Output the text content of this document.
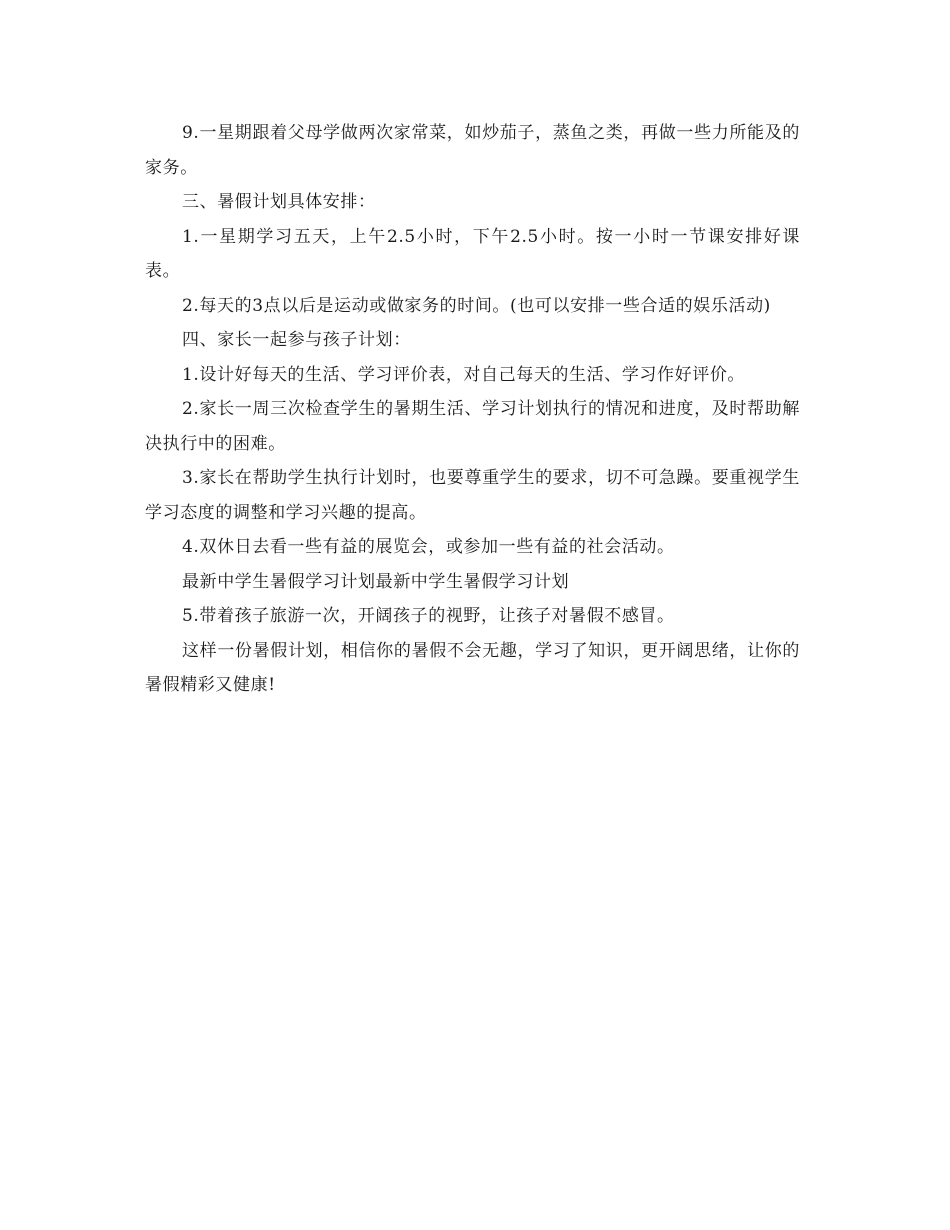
9.一星期跟着父母学做两次家常菜，如炒茄子，蒸鱼之类，再做一些力所能及的家务。

三、暑假计划具体安排：

1.一星期学习五天，上午2.5小时，下午2.5小时。按一小时一节课安排好课表。

2.每天的3点以后是运动或做家务的时间。(也可以安排一些合适的娱乐活动)

四、家长一起参与孩子计划：

1.设计好每天的生活、学习评价表，对自己每天的生活、学习作好评价。

2.家长一周三次检查学生的暑期生活、学习计划执行的情况和进度，及时帮助解决执行中的困难。

3.家长在帮助学生执行计划时，也要尊重学生的要求，切不可急躁。要重视学生学习态度的调整和学习兴趣的提高。

4.双休日去看一些有益的展览会，或参加一些有益的社会活动。

最新中学生暑假学习计划最新中学生暑假学习计划

5.带着孩子旅游一次，开阔孩子的视野，让孩子对暑假不感冒。

这样一份暑假计划，相信你的暑假不会无趣，学习了知识，更开阔思绪，让你的暑假精彩又健康!
